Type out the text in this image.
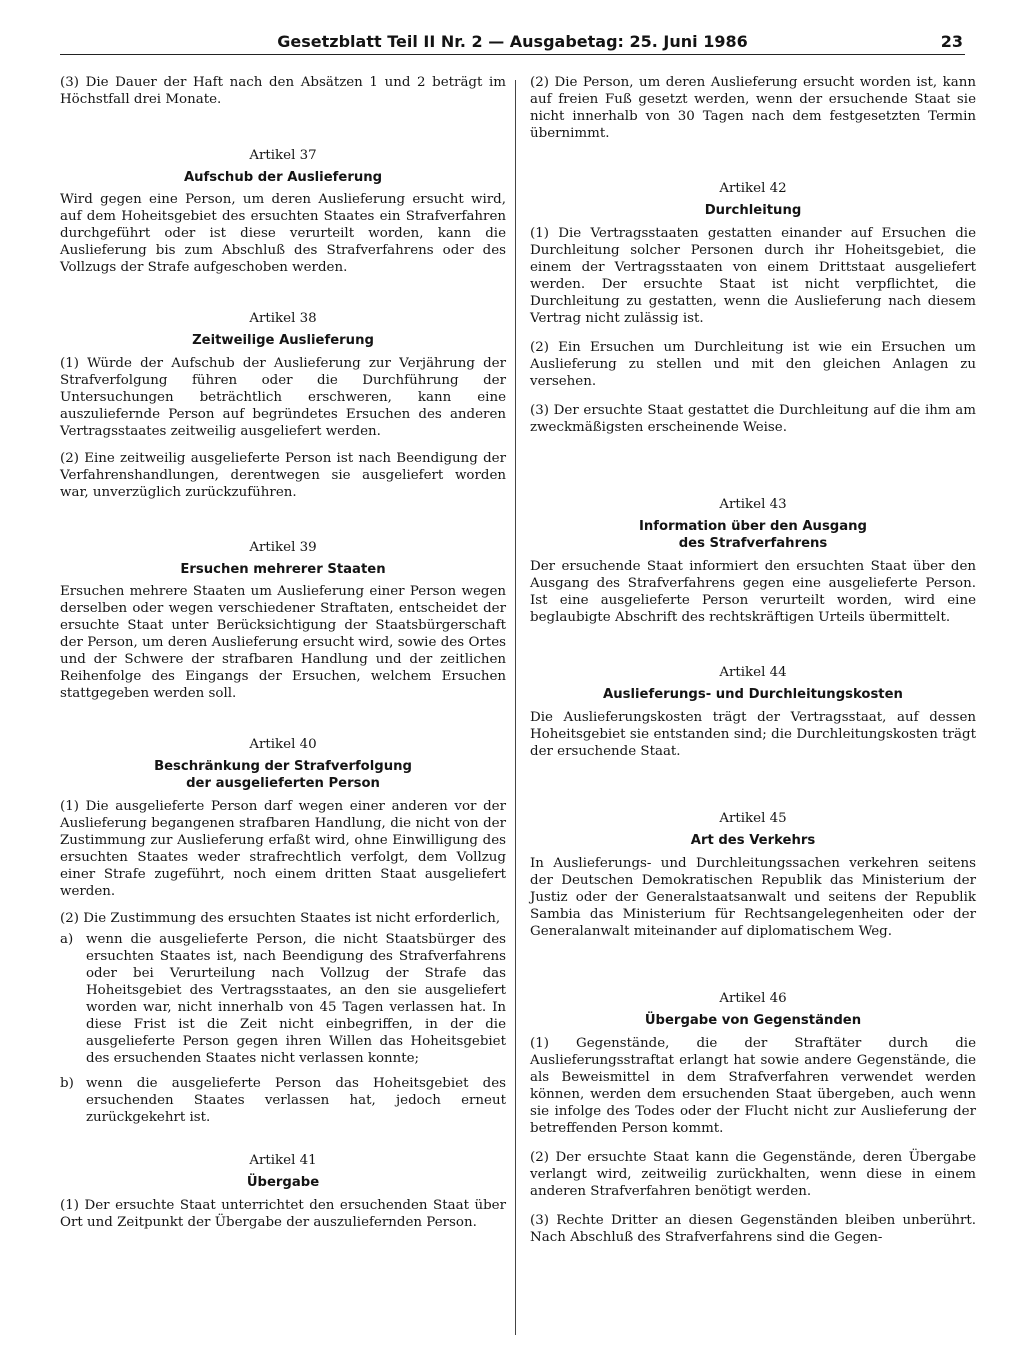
Gesetzblatt Teil II Nr. 2 — Ausgabetag: 25. Juni 1986	23

(3) Die Dauer der Haft nach den Absätzen 1 und 2 beträgt im Höchstfall drei Monate.

Artikel 37
Aufschub der Auslieferung

Wird gegen eine Person, um deren Auslieferung ersucht wird, auf dem Hoheitsgebiet des ersuchten Staates ein Strafverfahren durchgeführt oder ist diese verurteilt worden, kann die Auslieferung bis zum Abschluß des Strafverfahrens oder des Vollzugs der Strafe aufgeschoben werden.

Artikel 38
Zeitweilige Auslieferung

(1) Würde der Aufschub der Auslieferung zur Verjährung der Strafverfolgung führen oder die Durchführung der Untersuchungen beträchtlich erschweren, kann eine auszuliefernde Person auf begründetes Ersuchen des anderen Vertragsstaates zeitweilig ausgeliefert werden.

(2) Eine zeitweilig ausgelieferte Person ist nach Beendigung der Verfahrenshandlungen, derentwegen sie ausgeliefert worden war, unverzüglich zurückzuführen.

Artikel 39
Ersuchen mehrerer Staaten

Ersuchen mehrere Staaten um Auslieferung einer Person wegen derselben oder wegen verschiedener Straftaten, entscheidet der ersuchte Staat unter Berücksichtigung der Staatsbürgerschaft der Person, um deren Auslieferung ersucht wird, sowie des Ortes und der Schwere der strafbaren Handlung und der zeitlichen Reihenfolge des Eingangs der Ersuchen, welchem Ersuchen stattgegeben werden soll.

Artikel 40
Beschränkung der Strafverfolgung
der ausgelieferten Person

(1) Die ausgelieferte Person darf wegen einer anderen vor der Auslieferung begangenen strafbaren Handlung, die nicht von der Zustimmung zur Auslieferung erfaßt wird, ohne Einwilligung des ersuchten Staates weder strafrechtlich verfolgt, dem Vollzug einer Strafe zugeführt, noch einem dritten Staat ausgeliefert werden.

(2) Die Zustimmung des ersuchten Staates ist nicht erforderlich,

a) wenn die ausgelieferte Person, die nicht Staatsbürger des ersuchten Staates ist, nach Beendigung des Strafverfahrens oder bei Verurteilung nach Vollzug der Strafe das Hoheitsgebiet des Vertragsstaates, an den sie ausgeliefert worden war, nicht innerhalb von 45 Tagen verlassen hat. In diese Frist ist die Zeit nicht einbegriffen, in der die ausgelieferte Person gegen ihren Willen das Hoheitsgebiet des ersuchenden Staates nicht verlassen konnte;
b) wenn die ausgelieferte Person das Hoheitsgebiet des ersuchenden Staates verlassen hat, jedoch erneut zurückgekehrt ist.
Artikel 41
Übergabe

(1) Der ersuchte Staat unterrichtet den ersuchenden Staat über Ort und Zeitpunkt der Übergabe der auszuliefernden Person.

(2) Die Person, um deren Auslieferung ersucht worden ist, kann auf freien Fuß gesetzt werden, wenn der ersuchende Staat sie nicht innerhalb von 30 Tagen nach dem festgesetzten Termin übernimmt.

Artikel 42
Durchleitung

(1) Die Vertragsstaaten gestatten einander auf Ersuchen die Durchleitung solcher Personen durch ihr Hoheitsgebiet, die einem der Vertragsstaaten von einem Drittstaat ausgeliefert werden. Der ersuchte Staat ist nicht verpflichtet, die Durchleitung zu gestatten, wenn die Auslieferung nach diesem Vertrag nicht zulässig ist.

(2) Ein Ersuchen um Durchleitung ist wie ein Ersuchen um Auslieferung zu stellen und mit den gleichen Anlagen zu versehen.

(3) Der ersuchte Staat gestattet die Durchleitung auf die ihm am zweckmäßigsten erscheinende Weise.

Artikel 43
Information über den Ausgang
des Strafverfahrens

Der ersuchende Staat informiert den ersuchten Staat über den Ausgang des Strafverfahrens gegen eine ausgelieferte Person. Ist eine ausgelieferte Person verurteilt worden, wird eine beglaubigte Abschrift des rechtskräftigen Urteils übermittelt.

Artikel 44
Auslieferungs- und Durchleitungskosten

Die Auslieferungskosten trägt der Vertragsstaat, auf dessen Hoheitsgebiet sie entstanden sind; die Durchleitungskosten trägt der ersuchende Staat.

Artikel 45
Art des Verkehrs

In Auslieferungs- und Durchleitungssachen verkehren seitens der Deutschen Demokratischen Republik das Ministerium der Justiz oder der Generalstaatsanwalt und seitens der Republik Sambia das Ministerium für Rechtsangelegenheiten oder der Generalanwalt miteinander auf diplomatischem Weg.

Artikel 46
Übergabe von Gegenständen

(1) Gegenstände, die der Straftäter durch die Auslieferungsstraftat erlangt hat sowie andere Gegenstände, die als Beweismittel in dem Strafverfahren verwendet werden können, werden dem ersuchenden Staat übergeben, auch wenn sie infolge des Todes oder der Flucht nicht zur Auslieferung der betreffenden Person kommt.

(2) Der ersuchte Staat kann die Gegenstände, deren Übergabe verlangt wird, zeitweilig zurückhalten, wenn diese in einem anderen Strafverfahren benötigt werden.

(3) Rechte Dritter an diesen Gegenständen bleiben unberührt. Nach Abschluß des Strafverfahrens sind die Gegen-
